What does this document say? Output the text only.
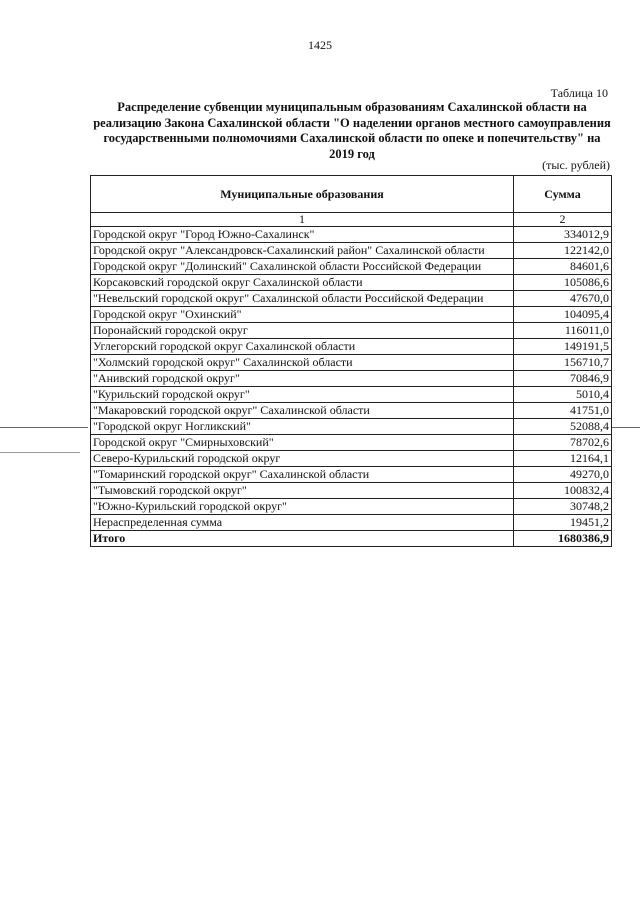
1425
Таблица 10
Распределение субвенции муниципальным образованиям Сахалинской области на реализацию Закона Сахалинской области "О наделении органов местного самоуправления государственными полномочиями Сахалинской области по опеке и попечительству" на 2019 год
(тыс. рублей)
Муниципальные образования	Сумма
1	2
Городской округ "Город Южно-Сахалинск"	334012,9
Городской округ "Александровск-Сахалинский район" Сахалинской области	122142,0
Городской округ "Долинский" Сахалинской области Российской Федерации	84601,6
Корсаковский городской округ Сахалинской области	105086,6
"Невельский городской округ" Сахалинской области Российской Федерации	47670,0
Городской округ "Охинский"	104095,4
Поронайский городской округ	116011,0
Углегорский городской округ Сахалинской области	149191,5
"Холмский городской округ" Сахалинской области	156710,7
"Анивский городской округ"	70846,9
"Курильский городской округ"	5010,4
"Макаровский городской округ" Сахалинской области	41751,0
"Городской округ Ногликский"	52088,4
Городской округ "Смирныховский"	78702,6
Северо-Курильский городской округ	12164,1
"Томаринский городской округ" Сахалинской области	49270,0
"Тымовский городской округ"	100832,4
"Южно-Курильский городской округ"	30748,2
Нераспределенная сумма	19451,2
Итого	1680386,9
